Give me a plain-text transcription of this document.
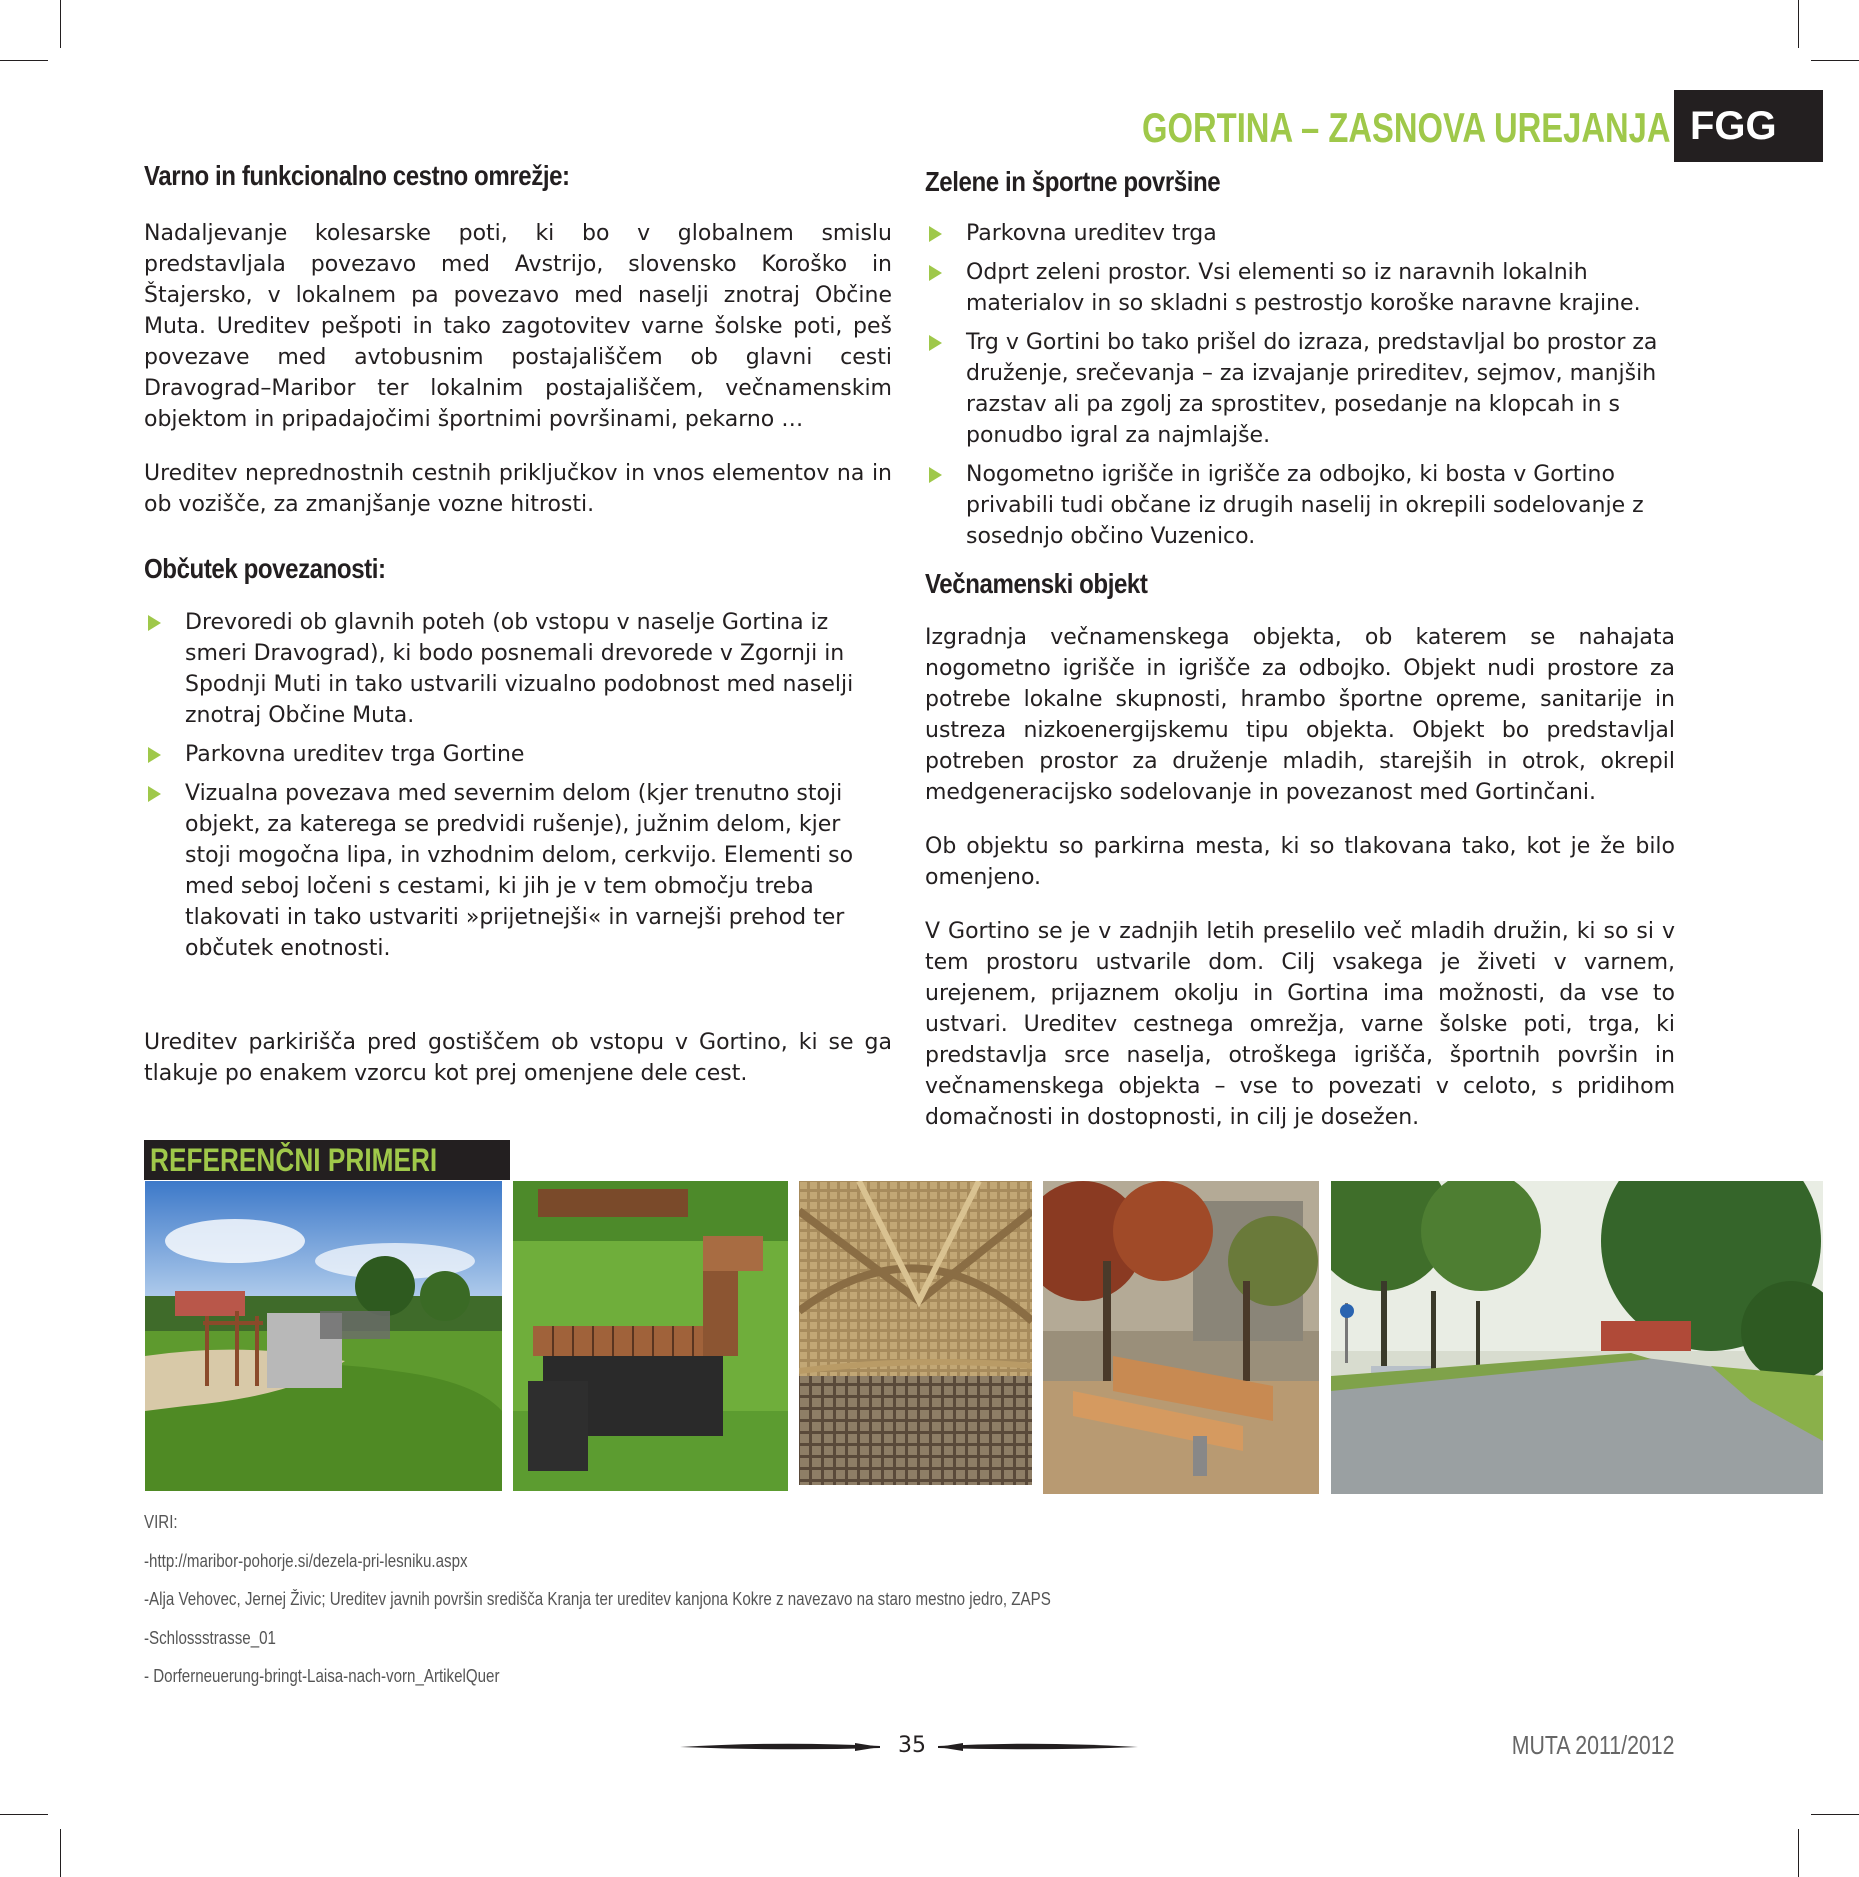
GORTINA – ZASNOVA UREJANJA FGG
Varno in funkcionalno cestno omrežje:

Nadaljevanje kolesarske poti, ki bo v globalnem smislu predstavljala povezavo med Avstrijo, slovensko Koroško in Štajersko, v lokalnem pa povezavo med naselji znotraj Občine Muta. Ureditev pešpoti in tako zagotovitev varne šolske poti, peš povezave med avtobusnim postajališčem ob glavni cesti Dravograd–Maribor ter lokalnim postajališčem, večnamenskim objektom in pripadajočimi športnimi površinami, pekarno …

Ureditev neprednostnih cestnih priključkov in vnos elementov na in ob vozišče, za zmanjšanje vozne hitrosti.

Občutek povezanosti:
Drevoredi ob glavnih poteh (ob vstopu v naselje Gortina iz smeri Dravograd), ki bodo posnemali drevorede v Zgornji in Spodnji Muti in tako ustvarili vizualno podobnost med naselji znotraj Občine Muta.
Parkovna ureditev trga Gortine
Vizualna povezava med severnim delom (kjer trenutno stoji objekt, za katerega se predvidi rušenje), južnim delom, kjer stoji mogočna lipa, in vzhodnim delom, cerkvijo. Elementi so med seboj ločeni s cestami, ki jih je v tem območju treba tlakovati in tako ustvariti »prijetnejši« in varnejši prehod ter občutek enotnosti.

Ureditev parkirišča pred gostiščem ob vstopu v Gortino, ki se ga tlakuje po enakem vzorcu kot prej omenjene dele cest.

Zelene in športne površine
Parkovna ureditev trga
Odprt zeleni prostor. Vsi elementi so iz naravnih lokalnih materialov in so skladni s pestrostjo koroške naravne krajine.
Trg v Gortini bo tako prišel do izraza, predstavljal bo prostor za druženje, srečevanja – za izvajanje prireditev, sejmov, manjših razstav ali pa zgolj za sprostitev, posedanje na klopcah in s ponudbo igral za najmlajše.
Nogometno igrišče in igrišče za odbojko, ki bosta v Gortino privabili tudi občane iz drugih naselij in okrepili sodelovanje z sosednjo občino Vuzenico.
Večnamenski objekt

Izgradnja večnamenskega objekta, ob katerem se nahajata nogometno igrišče in igrišče za odbojko. Objekt nudi prostore za potrebe lokalne skupnosti, hrambo športne opreme, sanitarije in ustreza nizkoenergijskemu tipu objekta. Objekt bo predstavljal potreben prostor za druženje mladih, starejših in otrok, okrepil medgeneracijsko sodelovanje in povezanost med Gortinčani.

Ob objektu so parkirna mesta, ki so tlakovana tako, kot je že bilo omenjeno.

V Gortino se je v zadnjih letih preselilo več mladih družin, ki so si v tem prostoru ustvarile dom. Cilj vsakega je živeti v varnem, urejenem, prijaznem okolju in Gortina ima možnosti, da vse to ustvari. Ureditev cestnega omrežja, varne šolske poti, trga, ki predstavlja srce naselja, otroškega igrišča, športnih površin in večnamenskega objekta – vse to povezati v celoto, s pridihom domačnosti in dostopnosti, in cilj je dosežen.

REFERENČNI PRIMERI
VIRI:
-http://maribor-pohorje.si/dezela-pri-lesniku.aspx
-Alja Vehovec, Jernej Živic; Ureditev javnih površin središča Kranja ter ureditev kanjona Kokre z navezavo na staro mestno jedro, ZAPS
-Schlossstrasse_01
- Dorferneuerung-bringt-Laisa-nach-vorn_ArtikelQuer
35	MUTA 2011/2012
